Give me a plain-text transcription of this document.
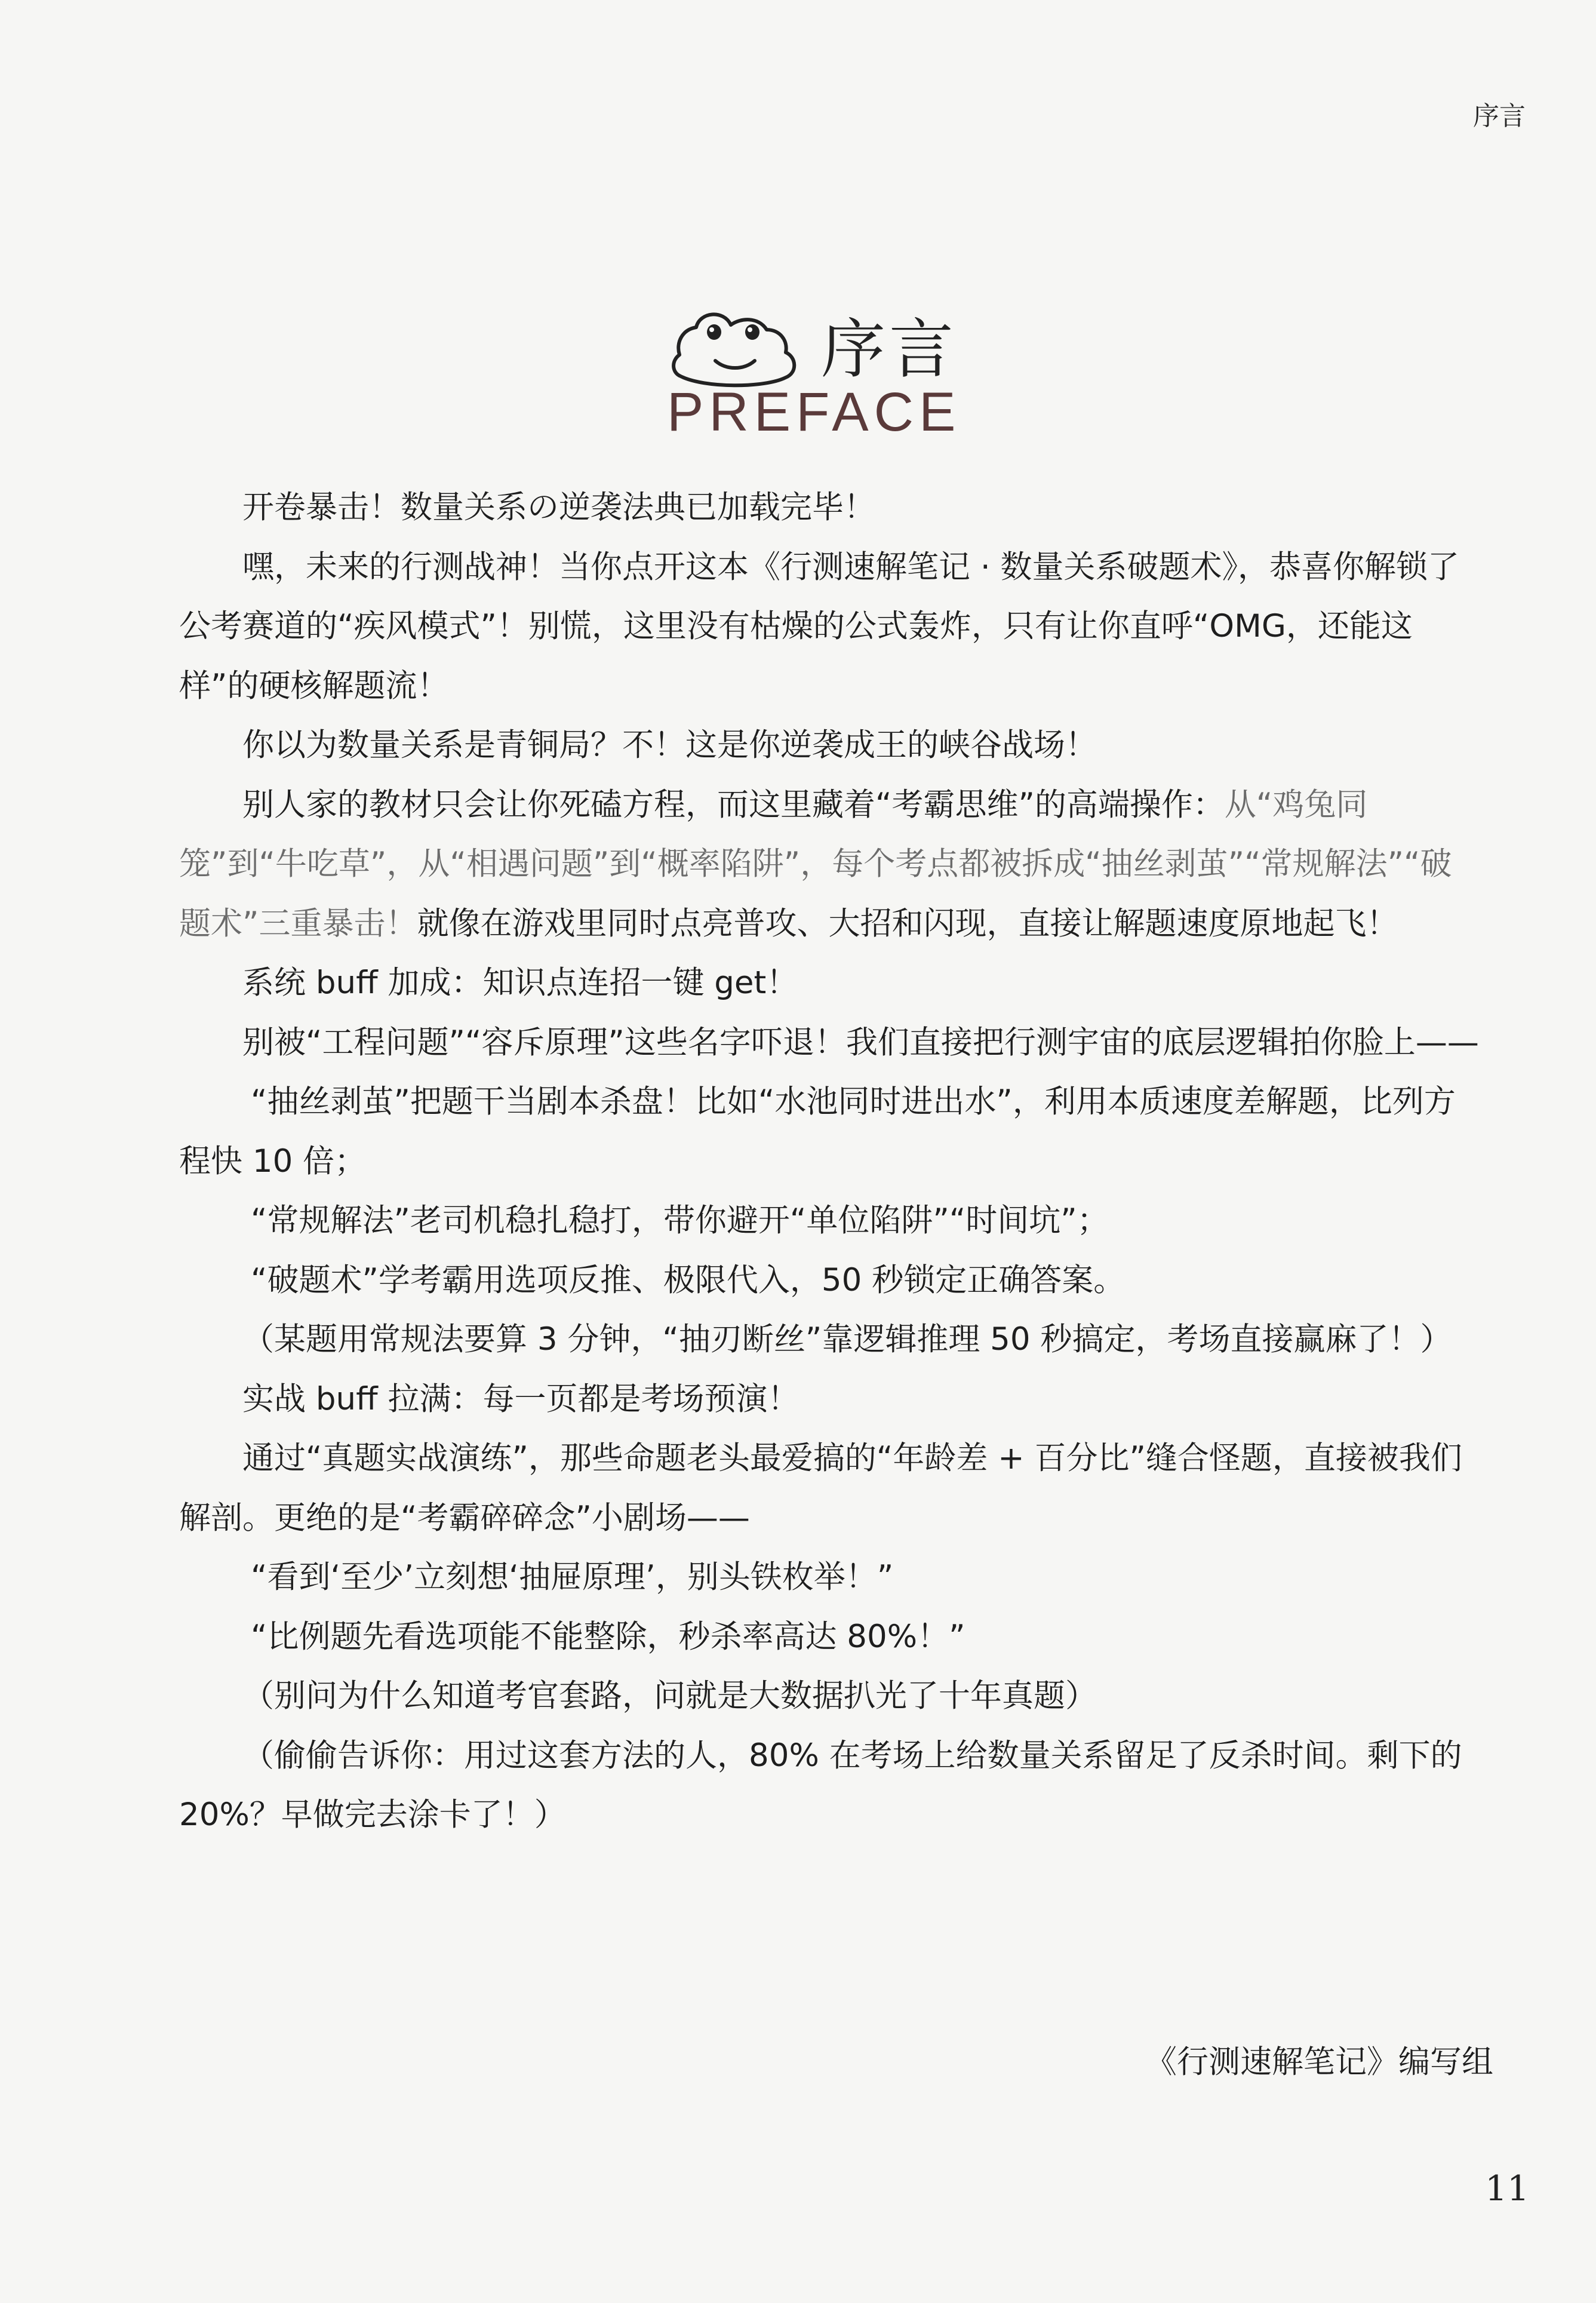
序言
序言
PREFACE

开卷暴击！数量关系の逆袭法典已加载完毕！

嘿，未来的行测战神！当你点开这本《行测速解笔记 · 数量关系破题术》，恭喜你解锁了公考赛道的“疾风模式”！别慌，这里没有枯燥的公式轰炸，只有让你直呼“OMG，还能这样”的硬核解题流！

你以为数量关系是青铜局？不！这是你逆袭成王的峡谷战场！

别人家的教材只会让你死磕方程，而这里藏着“考霸思维”的高端操作：从“鸡兔同笼”到“牛吃草”，从“相遇问题”到“概率陷阱”，每个考点都被拆成“抽丝剥茧”“常规解法”“破题术”三重暴击！就像在游戏里同时点亮普攻、大招和闪现，直接让解题速度原地起飞！

系统 buff 加成：知识点连招一键 get！

别被“工程问题”“容斥原理”这些名字吓退！我们直接把行测宇宙的底层逻辑拍你脸上——

“抽丝剥茧”把题干当剧本杀盘！比如“水池同时进出水”，利用本质速度差解题，比列方程快 10 倍；

“常规解法”老司机稳扎稳打，带你避开“单位陷阱”“时间坑”；

“破题术”学考霸用选项反推、极限代入，50 秒锁定正确答案。

（某题用常规法要算 3 分钟，“抽刃断丝”靠逻辑推理 50 秒搞定，考场直接赢麻了！）

实战 buff 拉满：每一页都是考场预演！

通过“真题实战演练”，那些命题老头最爱搞的“年龄差 + 百分比”缝合怪题，直接被我们解剖。更绝的是“考霸碎碎念”小剧场——

“看到‘至少’立刻想‘抽屉原理’，别头铁枚举！”

“比例题先看选项能不能整除，秒杀率高达 80%！”

（别问为什么知道考官套路，问就是大数据扒光了十年真题）

（偷偷告诉你：用过这套方法的人，80% 在考场上给数量关系留足了反杀时间。剩下的 20%？早做完去涂卡了！）

《行测速解笔记》编写组
11
